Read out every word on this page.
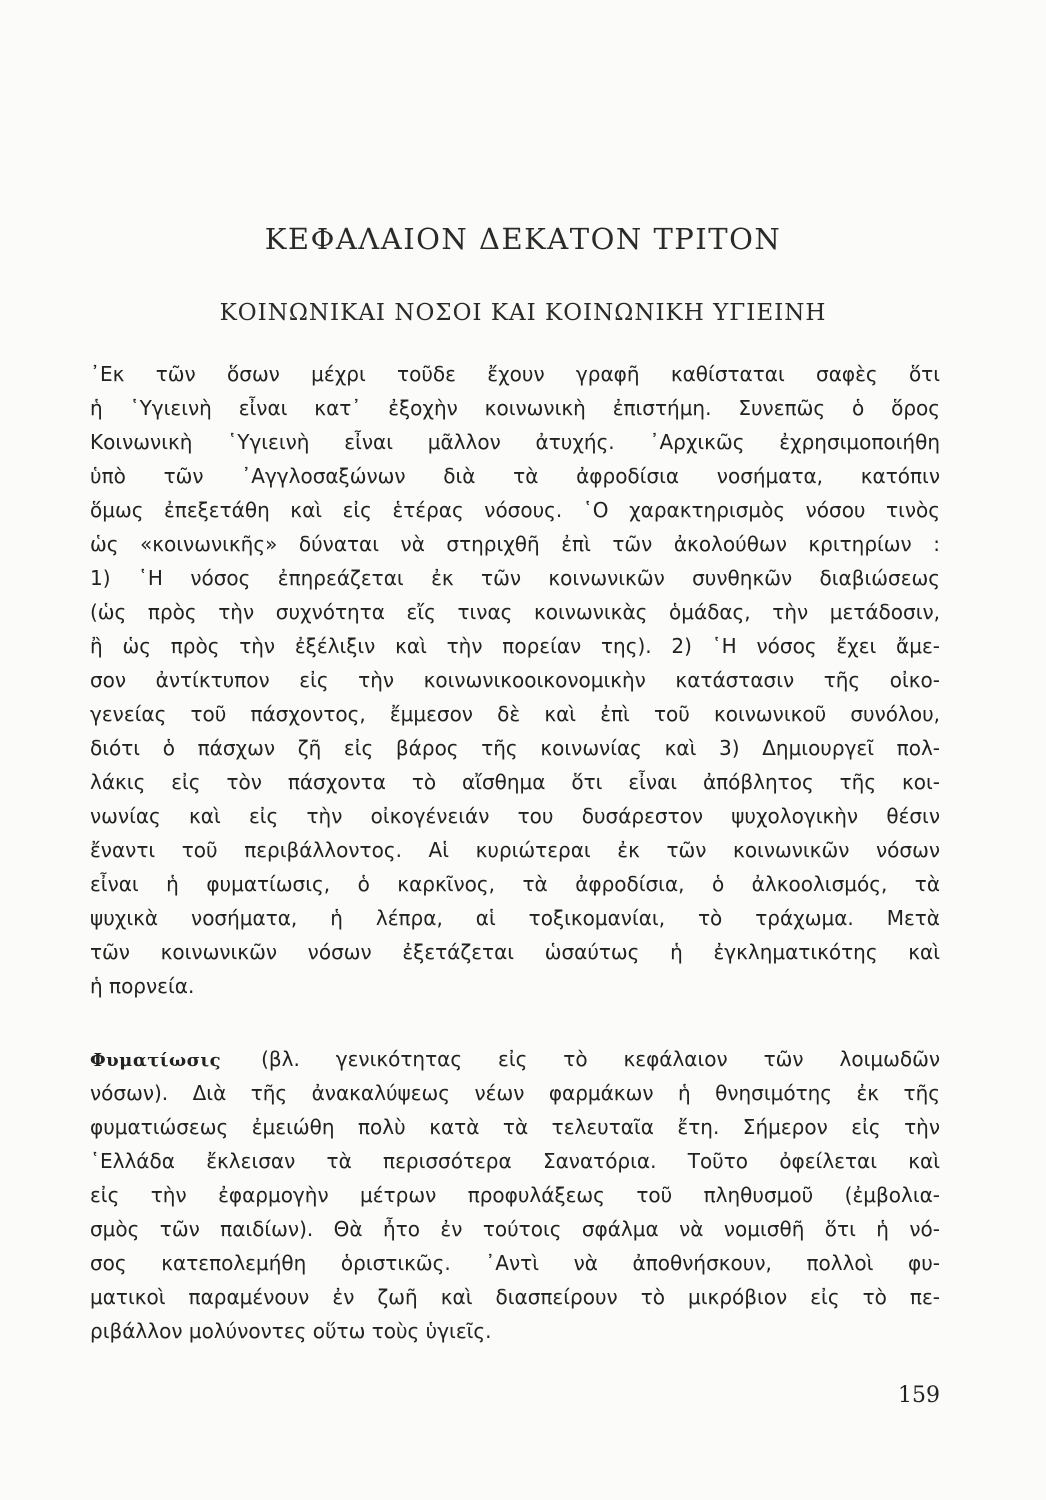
ΚΕΦΑΛΑΙΟΝ ΔΕΚΑΤΟΝ ΤΡΙΤΟΝ
ΚΟΙΝΩΝΙΚΑΙ ΝΟΣΟΙ ΚΑΙ ΚΟΙΝΩΝΙΚΗ ΥΓΙΕΙΝΗ
᾿Εκ τῶν ὅσων μέχρι τοῦδε ἔχουν γραφῆ καθίσταται σαφὲς ὅτι
ἡ ῾Υγιεινὴ εἶναι κατ᾿ ἐξοχὴν κοινωνικὴ ἐπιστήμη. Συνεπῶς ὁ ὅρος
Κοινωνικὴ ῾Υγιεινὴ εἶναι μᾶλλον ἀτυχής. ᾿Αρχικῶς ἐχρησιμοποιήθη
ὑπὸ τῶν ᾿Αγγλοσαξώνων διὰ τὰ ἀφροδίσια νοσήματα, κατόπιν
ὅμως ἐπεξετάθη καὶ εἰς ἑτέρας νόσους. ῾Ο χαρακτηρισμὸς νόσου τινὸς
ὡς «κοινωνικῆς» δύναται νὰ στηριχθῆ ἐπὶ τῶν ἀκολούθων κριτηρίων :
1) ῾Η νόσος ἐπηρεάζεται ἐκ τῶν κοινωνικῶν συνθηκῶν διαβιώσεως
(ὡς πρὸς τὴν συχνότητα εἴς τινας κοινωνικὰς ὁμάδας, τὴν μετάδοσιν,
ἢ ὡς πρὸς τὴν ἐξέλιξιν καὶ τὴν πορείαν της). 2) ῾Η νόσος ἔχει ἄμε-
σον ἀντίκτυπον εἰς τὴν κοινωνικοοικονομικὴν κατάστασιν τῆς οἰκο-
γενείας τοῦ πάσχοντος, ἔμμεσον δὲ καὶ ἐπὶ τοῦ κοινωνικοῦ συνόλου,
διότι ὁ πάσχων ζῆ εἰς βάρος τῆς κοινωνίας καὶ 3) Δημιουργεῖ πολ-
λάκις εἰς τὸν πάσχοντα τὸ αἴσθημα ὅτι εἶναι ἀπόβλητος τῆς κοι-
νωνίας καὶ εἰς τὴν οἰκογένειάν του δυσάρεστον ψυχολογικὴν θέσιν
ἔναντι τοῦ περιβάλλοντος. Αἱ κυριώτεραι ἐκ τῶν κοινωνικῶν νόσων
εἶναι ἡ φυματίωσις, ὁ καρκῖνος, τὰ ἀφροδίσια, ὁ ἀλκοολισμός, τὰ
ψυχικὰ νοσήματα, ἡ λέπρα, αἱ τοξικομανίαι, τὸ τράχωμα. Μετὰ
τῶν κοινωνικῶν νόσων ἐξετάζεται ὡσαύτως ἡ ἐγκληματικότης καὶ
ἡ πορνεία.
Φυματίωσις (βλ. γενικότητας εἰς τὸ κεφάλαιον τῶν λοιμωδῶν
νόσων). Διὰ τῆς ἀνακαλύψεως νέων φαρμάκων ἡ θνησιμότης ἐκ τῆς
φυματιώσεως ἐμειώθη πολὺ κατὰ τὰ τελευταῖα ἔτη. Σήμερον εἰς τὴν
῾Ελλάδα ἔκλεισαν τὰ περισσότερα Σανατόρια. Τοῦτο ὀφείλεται καὶ
εἰς τὴν ἐφαρμογὴν μέτρων προφυλάξεως τοῦ πληθυσμοῦ (ἐμβολια-
σμὸς τῶν παιδίων). Θὰ ἦτο ἐν τούτοις σφάλμα νὰ νομισθῆ ὅτι ἡ νό-
σος κατεπολεμήθη ὁριστικῶς. ᾿Αντὶ νὰ ἀποθνήσκουν, πολλοὶ φυ-
ματικοὶ παραμένουν ἐν ζωῆ καὶ διασπείρουν τὸ μικρόβιον εἰς τὸ πε-
ριβάλλον μολύνοντες οὕτω τοὺς ὑγιεῖς.
159
